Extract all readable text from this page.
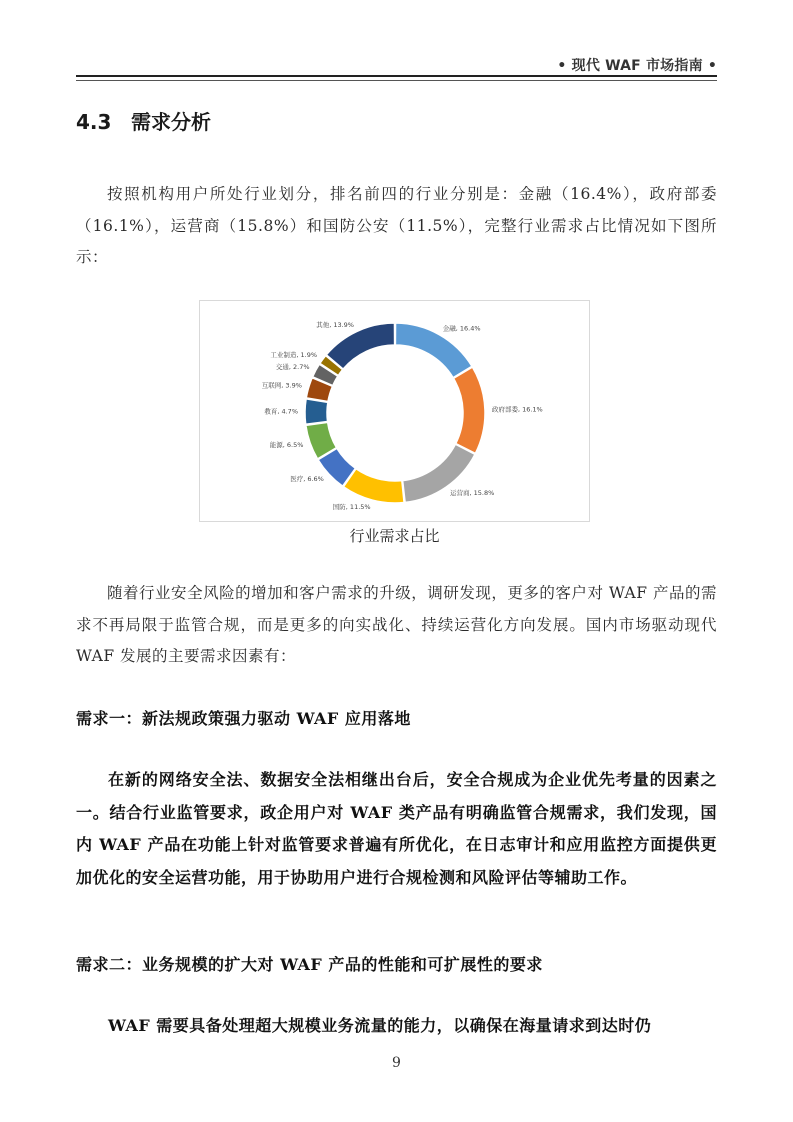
• 现代 WAF 市场指南 •
4.3 需求分析

按照机构用户所处行业划分，排名前四的行业分别是：金融（16.4%），政府部委（16.1%），运营商（15.8%）和国防公安（11.5%），完整行业需求占比情况如下图所示：

金融, 16.4%
政府部委, 16.1%
运营商, 15.8%
国防, 11.5%
医疗, 6.6%
能源, 6.5%
教育, 4.7%
互联网, 3.9%
交通, 2.7%
工业制造, 1.9%
其他, 13.9%
行业需求占比

随着行业安全风险的增加和客户需求的升级，调研发现，更多的客户对 WAF 产品的需求不再局限于监管合规，而是更多的向实战化、持续运营化方向发展。国内市场驱动现代 WAF 发展的主要需求因素有：

需求一：新法规政策强力驱动 WAF 应用落地

在新的网络安全法、数据安全法相继出台后，安全合规成为企业优先考量的因素之一。结合行业监管要求，政企用户对 WAF 类产品有明确监管合规需求，我们发现，国内 WAF 产品在功能上针对监管要求普遍有所优化，在日志审计和应用监控方面提供更加优化的安全运营功能，用于协助用户进行合规检测和风险评估等辅助工作。

需求二：业务规模的扩大对 WAF 产品的性能和可扩展性的要求

WAF 需要具备处理超大规模业务流量的能力，以确保在海量请求到达时仍

9
